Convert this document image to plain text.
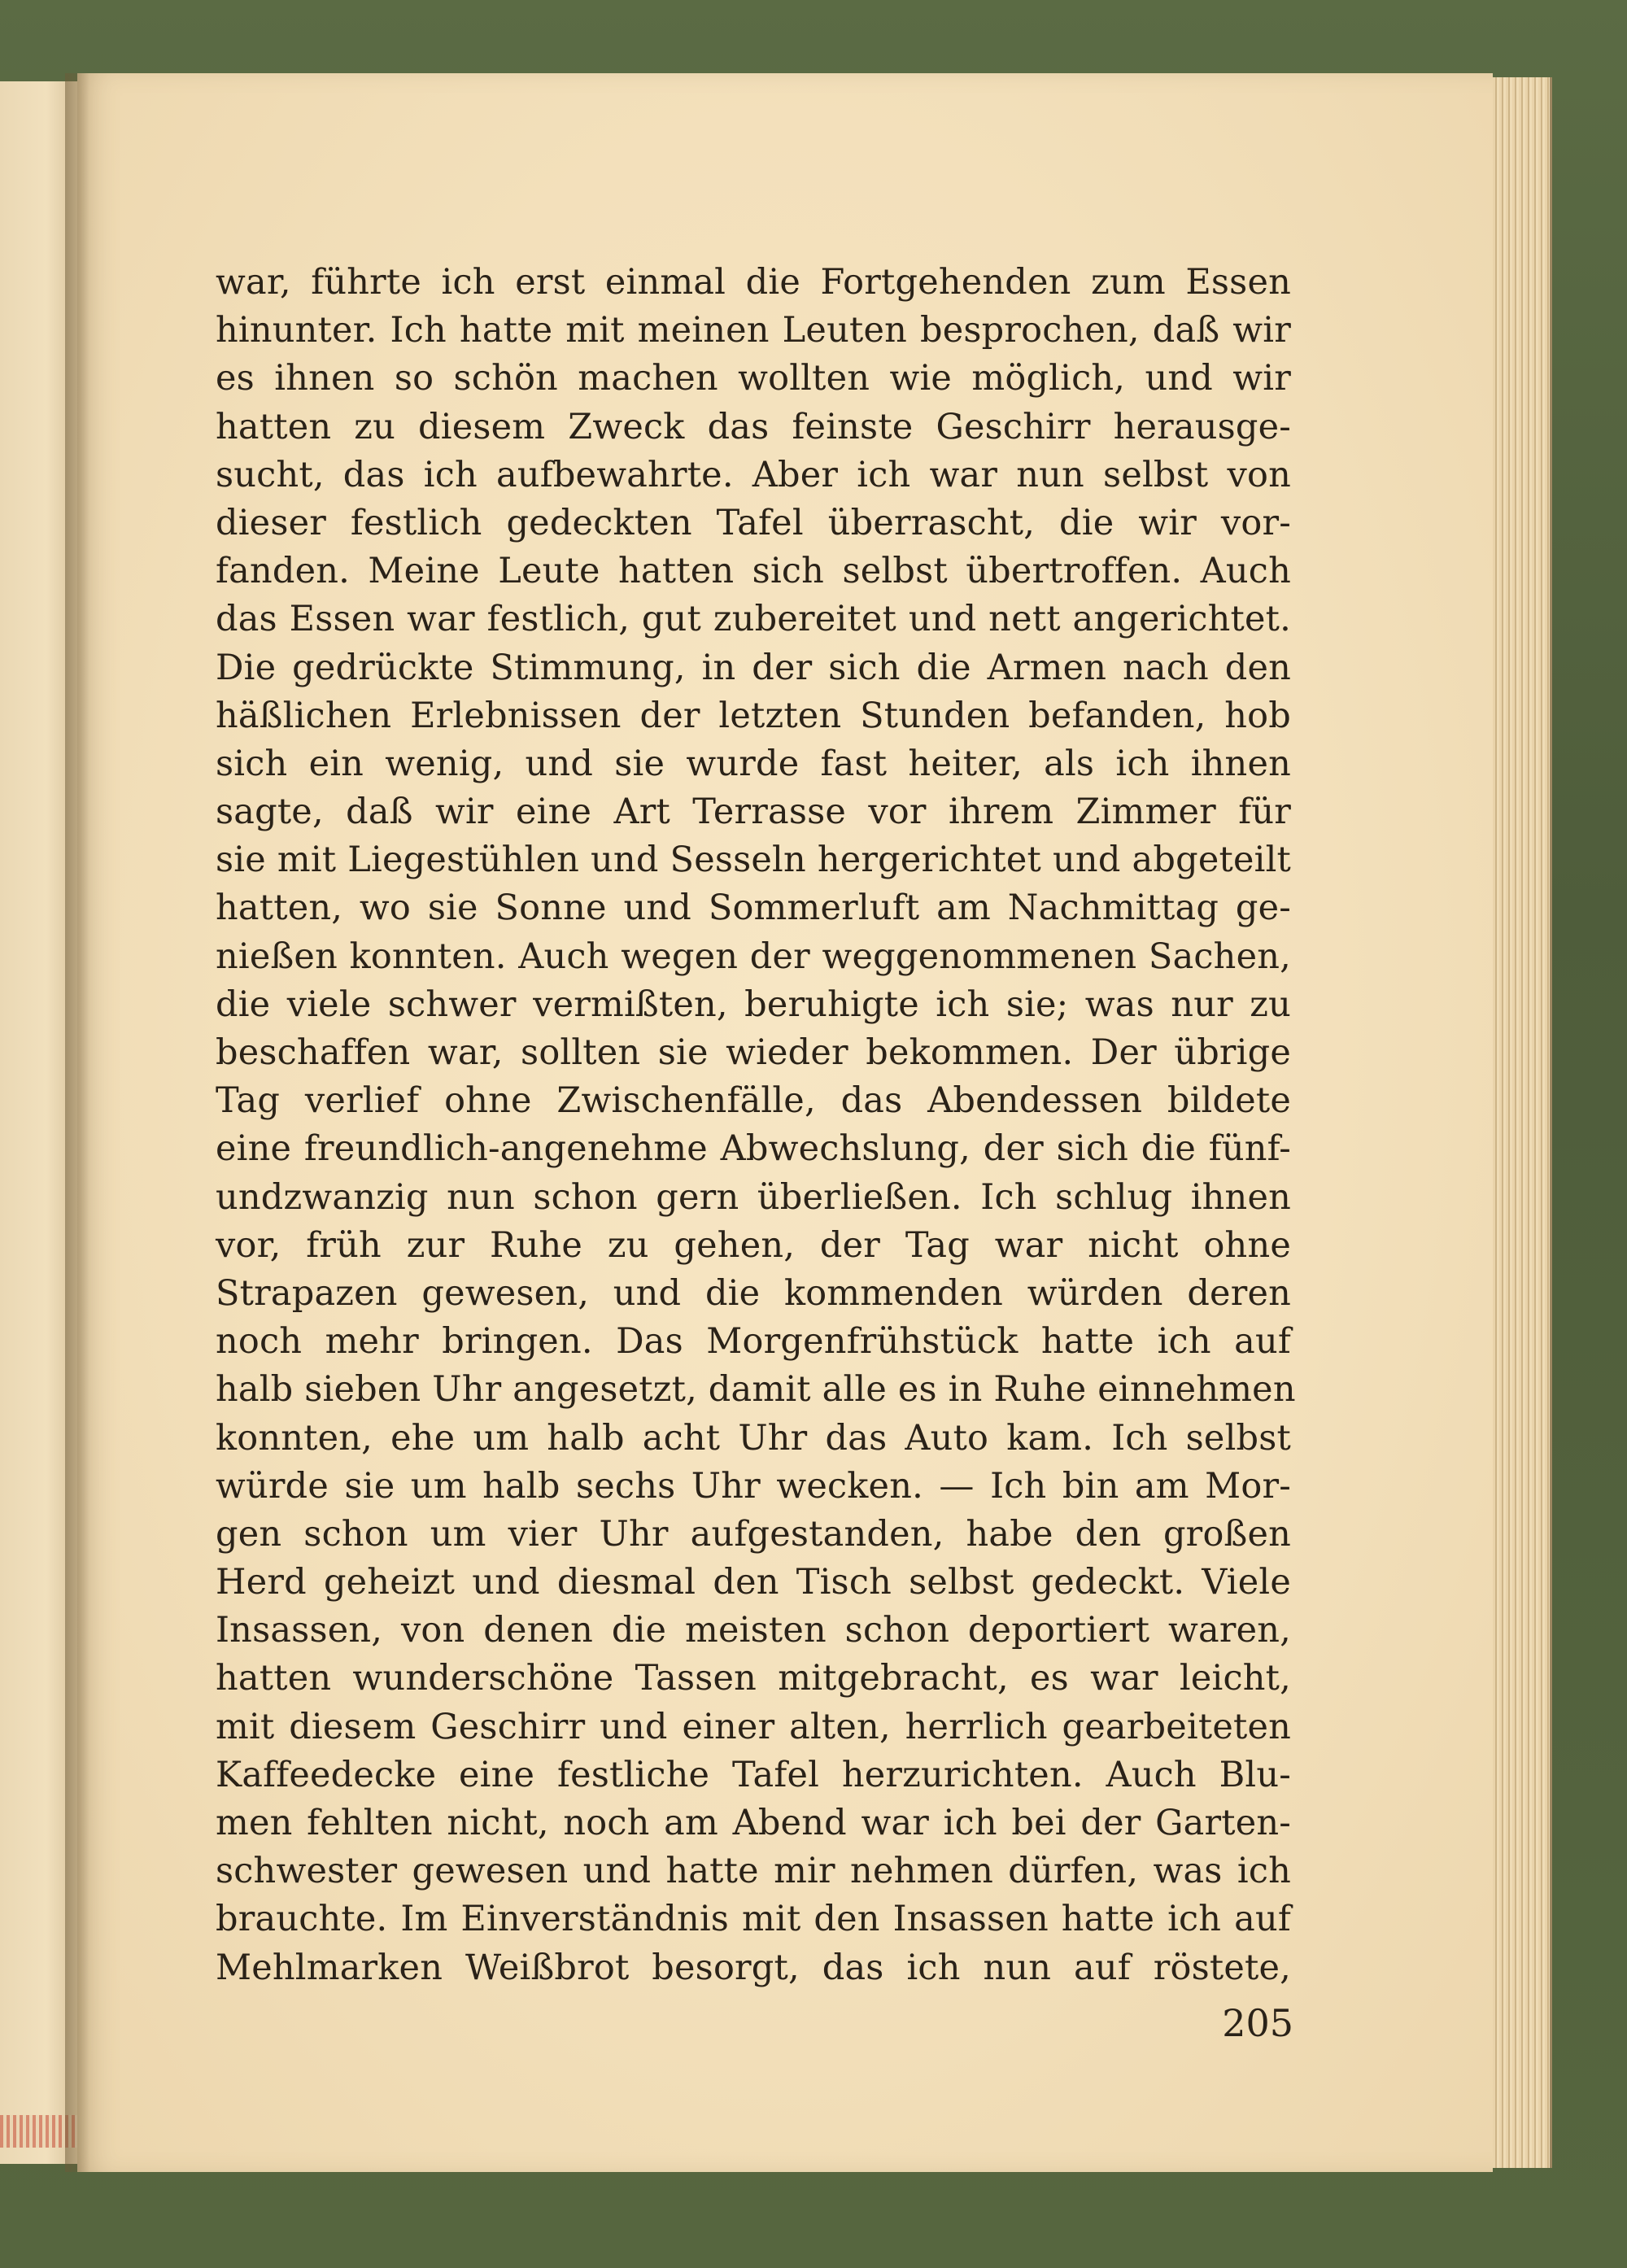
war, führte ich erst einmal die Fortgehenden zum Essen
hinunter. Ich hatte mit meinen Leuten besprochen, daß wir
es ihnen so schön machen wollten wie möglich, und wir
hatten zu diesem Zweck das feinste Geschirr herausge-
sucht, das ich aufbewahrte. Aber ich war nun selbst von
dieser festlich gedeckten Tafel überrascht, die wir vor-
fanden. Meine Leute hatten sich selbst übertroffen. Auch
das Essen war festlich, gut zubereitet und nett angerichtet.
Die gedrückte Stimmung, in der sich die Armen nach den
häßlichen Erlebnissen der letzten Stunden befanden, hob
sich ein wenig, und sie wurde fast heiter, als ich ihnen
sagte, daß wir eine Art Terrasse vor ihrem Zimmer für
sie mit Liegestühlen und Sesseln hergerichtet und abgeteilt
hatten, wo sie Sonne und Sommerluft am Nachmittag ge-
nießen konnten. Auch wegen der weggenommenen Sachen,
die viele schwer vermißten, beruhigte ich sie; was nur zu
beschaffen war, sollten sie wieder bekommen. Der übrige
Tag verlief ohne Zwischenfälle, das Abendessen bildete
eine freundlich-angenehme Abwechslung, der sich die fünf-
undzwanzig nun schon gern überließen. Ich schlug ihnen
vor, früh zur Ruhe zu gehen, der Tag war nicht ohne
Strapazen gewesen, und die kommenden würden deren
noch mehr bringen. Das Morgenfrühstück hatte ich auf
halb sieben Uhr angesetzt, damit alle es in Ruhe einnehmen
konnten, ehe um halb acht Uhr das Auto kam. Ich selbst
würde sie um halb sechs Uhr wecken. — Ich bin am Mor-
gen schon um vier Uhr aufgestanden, habe den großen
Herd geheizt und diesmal den Tisch selbst gedeckt. Viele
Insassen, von denen die meisten schon deportiert waren,
hatten wunderschöne Tassen mitgebracht, es war leicht,
mit diesem Geschirr und einer alten, herrlich gearbeiteten
Kaffeedecke eine festliche Tafel herzurichten. Auch Blu-
men fehlten nicht, noch am Abend war ich bei der Garten-
schwester gewesen und hatte mir nehmen dürfen, was ich
brauchte. Im Einverständnis mit den Insassen hatte ich auf
Mehlmarken Weißbrot besorgt, das ich nun auf röstete,
205
